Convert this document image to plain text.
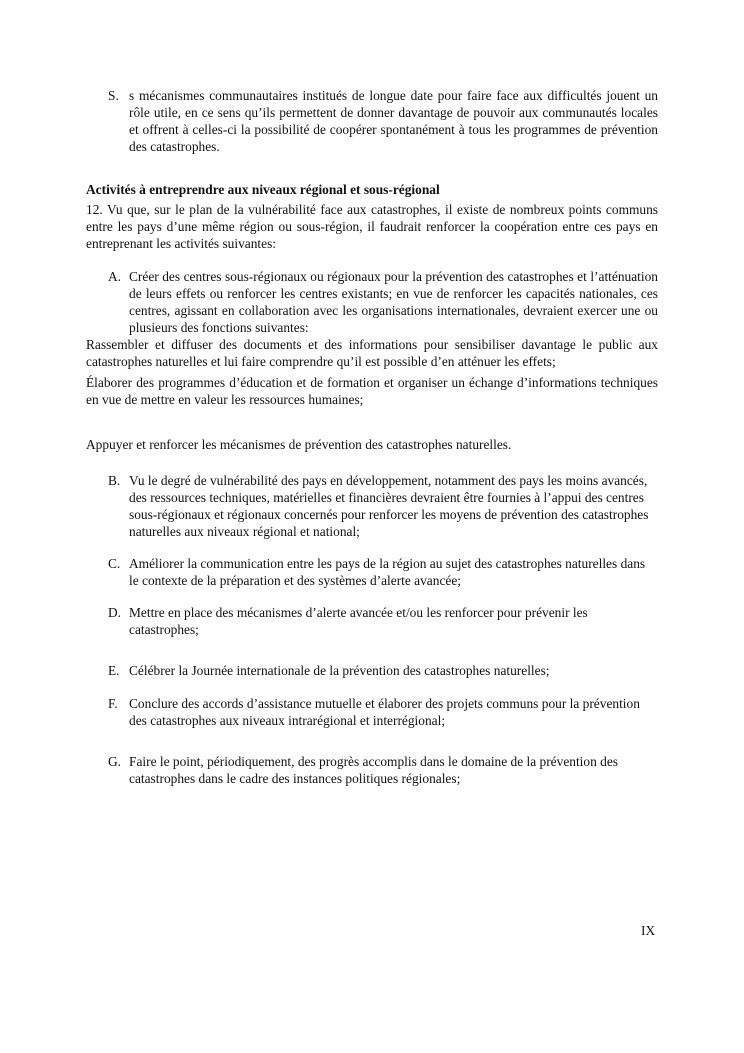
S. s mécanismes communautaires institués de longue date pour faire face aux difficultés jouent un rôle utile, en ce sens qu’ils permettent de donner davantage de pouvoir aux communautés locales et offrent à celles-ci la possibilité de coopérer spontanément à tous les programmes de prévention des catastrophes.

Activités à entreprendre aux niveaux régional et sous-régional

12. Vu que, sur le plan de la vulnérabilité face aux catastrophes, il existe de nombreux points communs entre les pays d’une même région ou sous-région, il faudrait renforcer la coopération entre ces pays en entreprenant les activités suivantes:

A. Créer des centres sous-régionaux ou régionaux pour la prévention des catastrophes et l’atténuation de leurs effets ou renforcer les centres existants; en vue de renforcer les capacités nationales, ces centres, agissant en collaboration avec les organisations internationales, devraient exercer une ou plusieurs des fonctions suivantes:

Rassembler et diffuser des documents et des informations pour sensibiliser davantage le public aux catastrophes naturelles et lui faire comprendre qu’il est possible d’en atténuer les effets;

Élaborer des programmes d’éducation et de formation et organiser un échange d’informations techniques en vue de mettre en valeur les ressources humaines;

Appuyer et renforcer les mécanismes de prévention des catastrophes naturelles.

B. Vu le degré de vulnérabilité des pays en développement, notamment des pays les moins avancés, des ressources techniques, matérielles et financières devraient être fournies à l’appui des centres sous-régionaux et régionaux concernés pour renforcer les moyens de prévention des catastrophes naturelles aux niveaux régional et national;
C. Améliorer la communication entre les pays de la région au sujet des catastrophes naturelles dans le contexte de la préparation et des systèmes d’alerte avancée;
D. Mettre en place des mécanismes d’alerte avancée et/ou les renforcer pour prévenir les catastrophes;
E. Célébrer la Journée internationale de la prévention des catastrophes naturelles;
F. Conclure des accords d’assistance mutuelle et élaborer des projets communs pour la prévention des catastrophes aux niveaux intrarégional et interrégional;
G. Faire le point, périodiquement, des progrès accomplis dans le domaine de la prévention des catastrophes dans le cadre des instances politiques régionales;
IX
